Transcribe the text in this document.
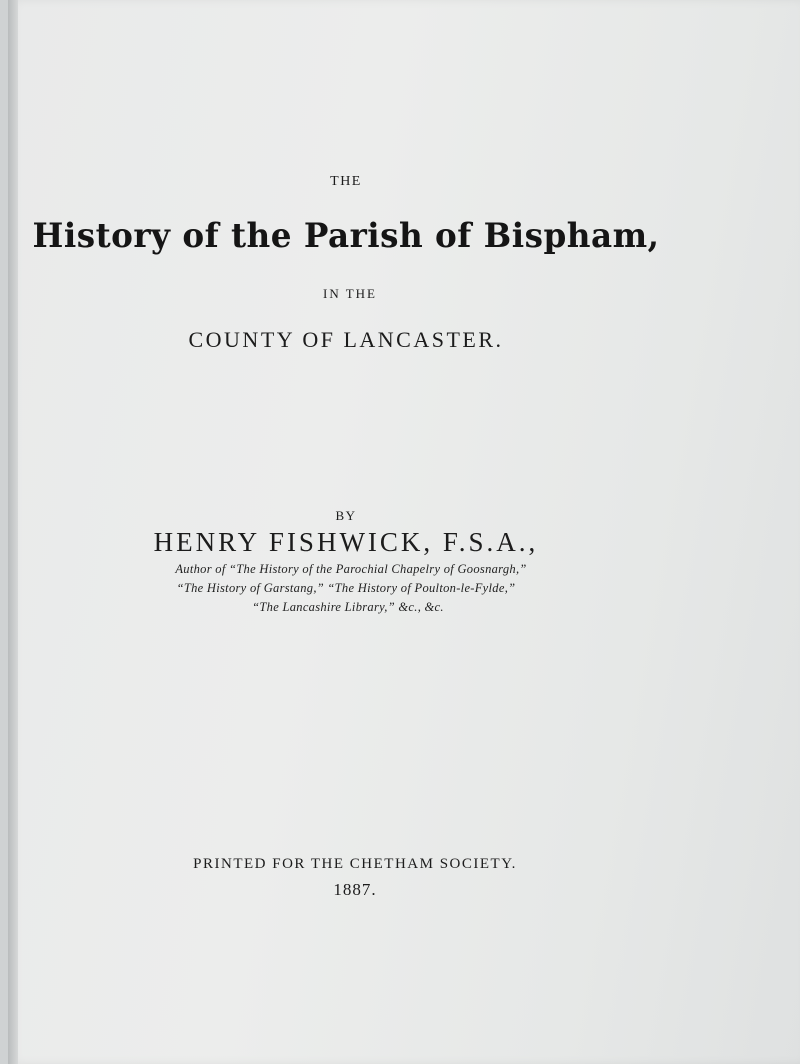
THE
History of the Parish of Bispham,
IN THE
COUNTY OF LANCASTER.
BY
HENRY FISHWICK, F.S.A.,
Author of “The History of the Parochial Chapelry of Goosnargh,”
“The History of Garstang,” “The History of Poulton-le-Fylde,”
“The Lancashire Library,” &c., &c.
PRINTED FOR THE CHETHAM SOCIETY.
1887.
